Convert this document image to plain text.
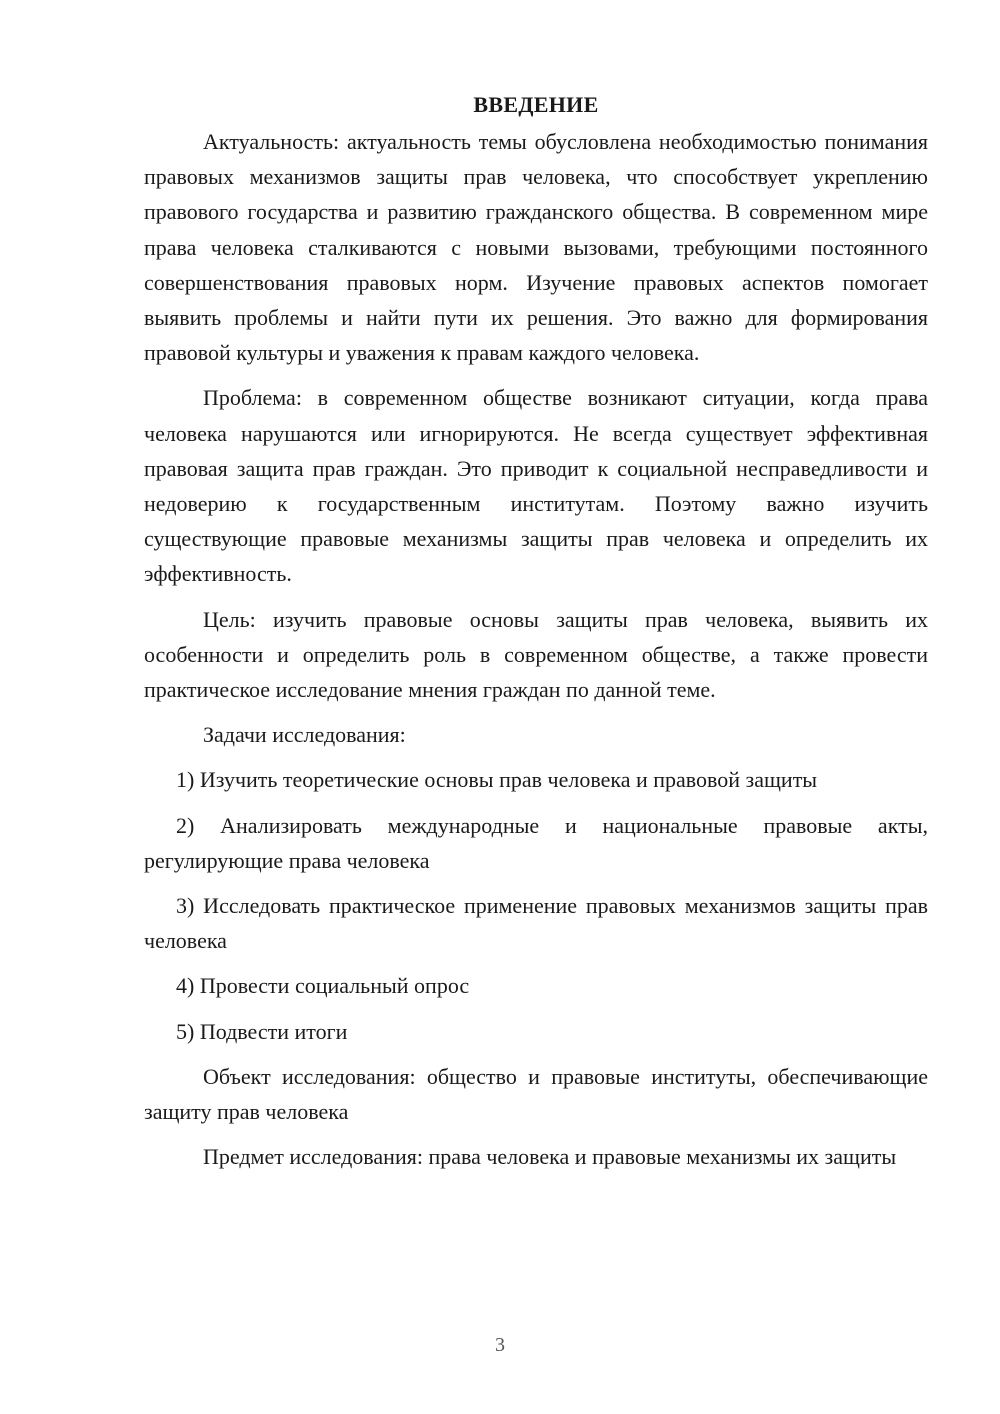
ВВЕДЕНИЕ

Актуальность: актуальность темы обусловлена необходимостью понимания правовых механизмов защиты прав человека, что способствует укреплению правового государства и развитию гражданского общества. В современном мире права человека сталкиваются с новыми вызовами, требующими постоянного совершенствования правовых норм. Изучение правовых аспектов помогает выявить проблемы и найти пути их решения. Это важно для формирования правовой культуры и уважения к правам каждого человека.

Проблема: в современном обществе возникают ситуации, когда права человека нарушаются или игнорируются. Не всегда существует эффективная правовая защита прав граждан. Это приводит к социальной несправедливости и недоверию к государственным институтам. Поэтому важно изучить существующие правовые механизмы защиты прав человека и определить их эффективность.

Цель: изучить правовые основы защиты прав человека, выявить их особенности и определить роль в современном обществе, а также провести практическое исследование мнения граждан по данной теме.

Задачи исследования:

1) Изучить теоретические основы прав человека и правовой защиты

2) Анализировать международные и национальные правовые акты, регулирующие права человека

3) Исследовать практическое применение правовых механизмов защиты прав человека

4) Провести социальный опрос

5) Подвести итоги

Объект исследования: общество и правовые институты, обеспечивающие защиту прав человека

Предмет исследования: права человека и правовые механизмы их защиты

3
